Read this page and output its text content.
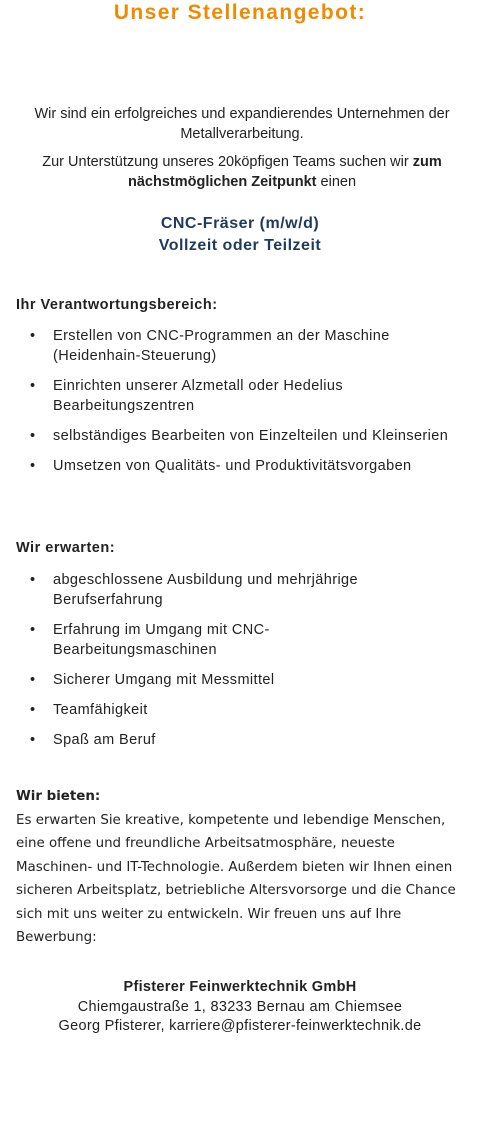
Unser Stellenangebot:

Wir sind ein erfolgreiches und expandierendes Unternehmen der Metallverarbeitung.

Zur Unterstützung unseres 20köpfigen Teams suchen wir zum nächstmöglichen Zeitpunkt einen

CNC-Fräser (m/w/d)
Vollzeit oder Teilzeit
Ihr Verantwortungsbereich:
• Erstellen von CNC-Programmen an der Maschine (Heidenhain-Steuerung)
• Einrichten unserer Alzmetall oder Hedelius Bearbeitungszentren
• selbständiges Bearbeiten von Einzelteilen und Kleinserien
• Umsetzen von Qualitäts- und Produktivitätsvorgaben
Wir erwarten:
• abgeschlossene Ausbildung und mehrjährige Berufserfahrung
• Erfahrung im Umgang mit CNC-Bearbeitungsmaschinen
• Sicherer Umgang mit Messmittel
• Teamfähigkeit
• Spaß am Beruf
Wir bieten:
Es erwarten Sie kreative, kompetente und lebendige Menschen, eine offene und freundliche Arbeitsatmosphäre, neueste Maschinen- und IT-Technologie. Außerdem bieten wir Ihnen einen sicheren Arbeitsplatz, betriebliche Altersvorsorge und die Chance sich mit uns weiter zu entwickeln. Wir freuen uns auf Ihre Bewerbung:
Pfisterer Feinwerktechnik GmbH
Chiemgaustraße 1, 83233 Bernau am Chiemsee
Georg Pfisterer, karriere@pfisterer-feinwerktechnik.de
